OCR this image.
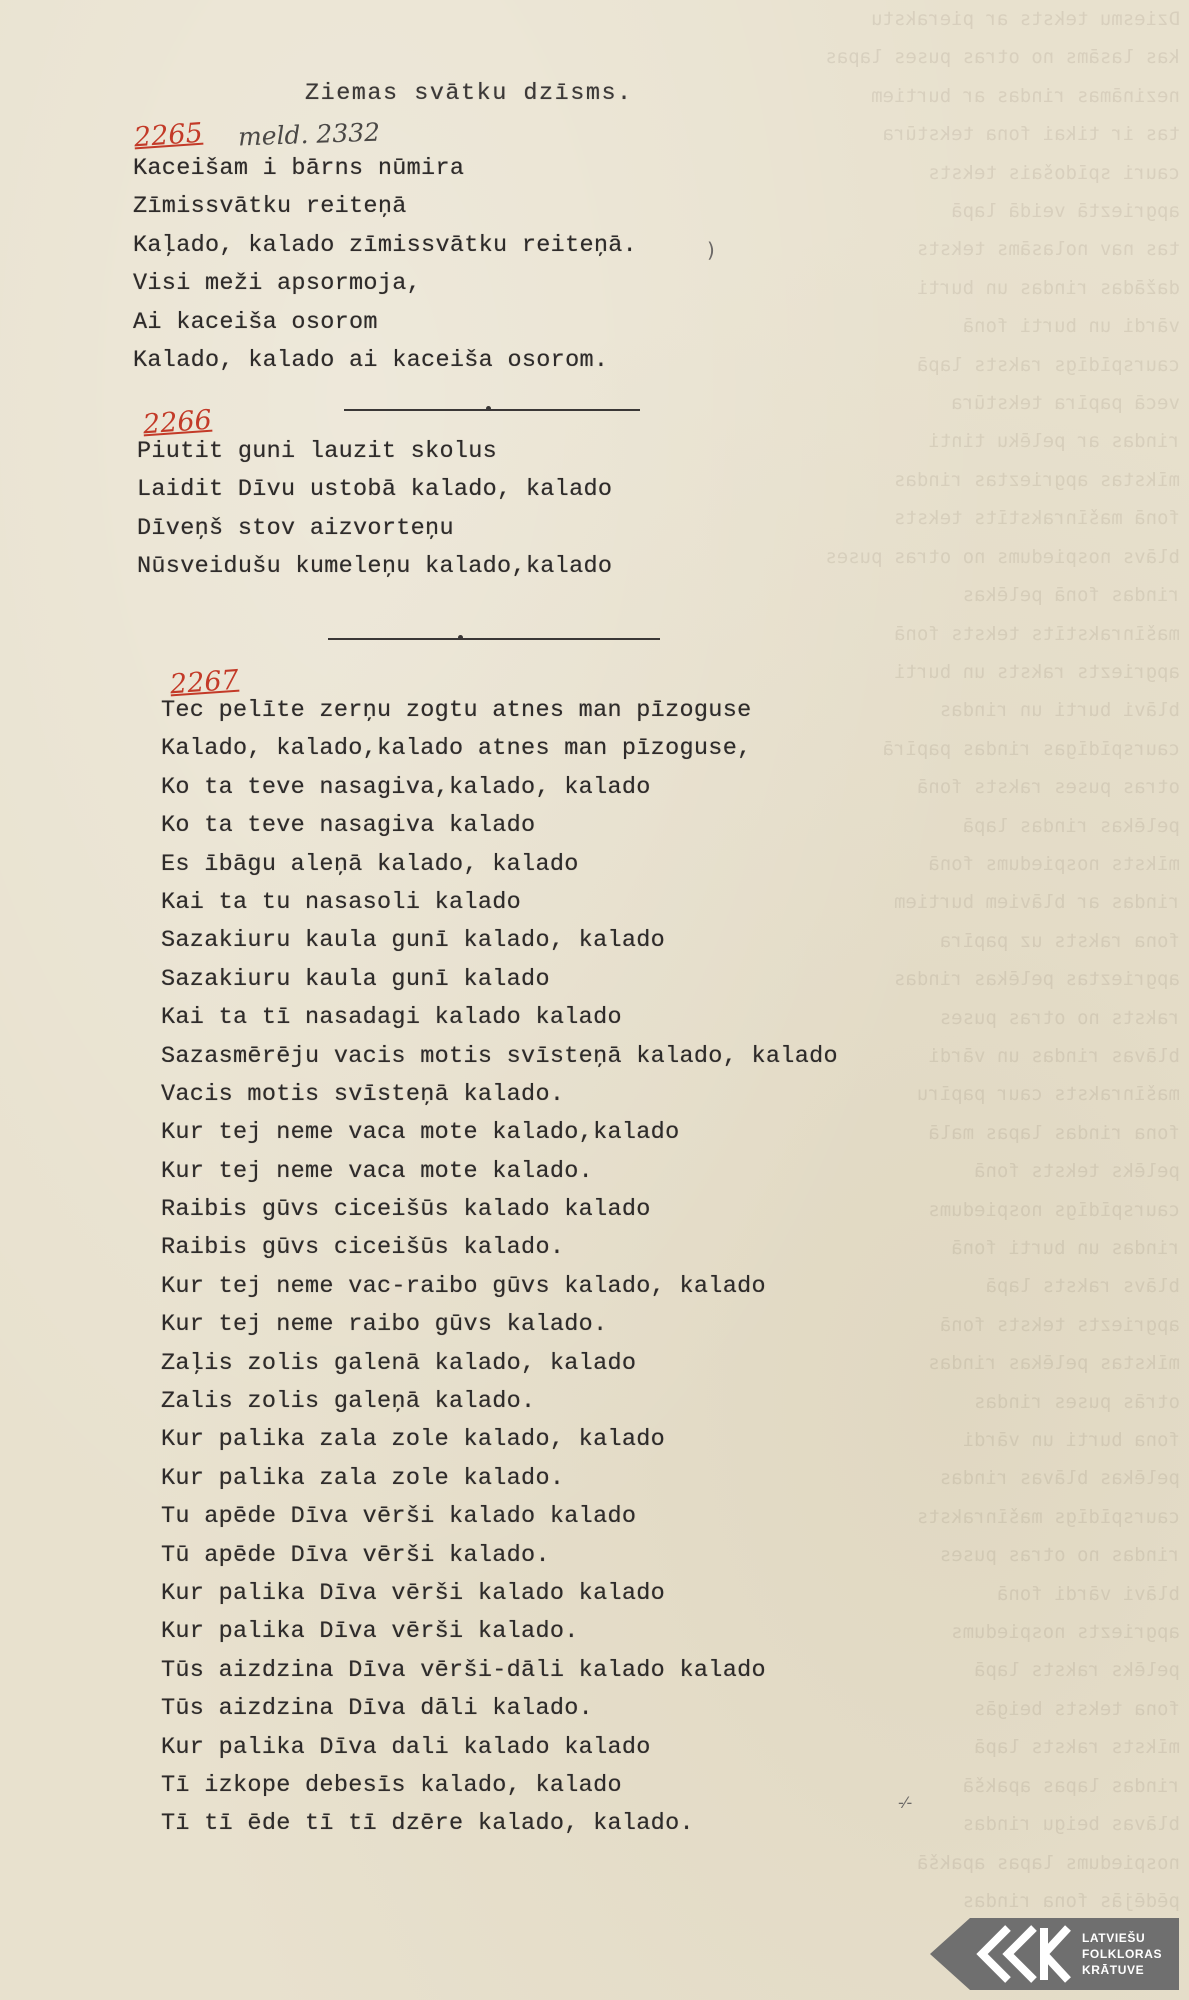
Dziesmu teksts ar pierakstu
kas lasāms no otras puses lapas
nezināmas rindas ar burtiem
tas ir tikai fona tekstūra
cauri spīdošais teksts
apgrieztā veidā lapā
tas nav nolasāms teksts
dažādas rindas un burti
vārdi un burti fonā
caurspīdīgs raksts lapā
vecā papīra tekstūra
rindas ar pelēku tinti
mīkstas apgrieztas rindas
fonā mašīnrakstīts teksts
blāvs nospiedums no otras puses
rindas fonā pelēkas
mašīnrakstīts teksts fonā
apgriezts raksts un burti
blāvi burti un rindas
caurspīdīgas rindas papīrā
otras puses raksts fonā
pelēkas rindas lapā
mīksts nospiedums fonā
rindas ar blāviem burtiem
fona raksts uz papīra
apgrieztas pelēkas rindas
raksts no otras puses
blāvas rindas un vārdi
mašīnraksts caur papīru
fona rindas lapas malā
pelēks teksts fonā
caurspīdīgs nospiedums
rindas un burti fonā
blāvs raksts lapā
apgriezts teksts fonā
mīkstas pelēkas rindas
otrās puses rindas
fona burti un vārdi
pelēkas blāvas rindas
caurspīdīgs mašīnraksts
rindas no otras puses
blāvi vārdi fonā
apgriezts nospiedums
pelēks raksts lapā
fona teksts beigās
mīksts raksts lapā
rindas lapas apakšā
blāvas beigu rindas
nospiedums lapas apakšā
pēdējās fona rindas
Ziemas svātku dzīsms.
2265 meld. 2332
Kaceišam i bārns nūmira
Zīmissvātku reiteņā
Kaļado, kalado zīmissvātku reiteņā.
Visi meži apsormoja,
Ai kaceiša osorom
Kalado, kalado ai kaceiša osorom.
)
2266
Piutit guni lauzit skolus
Laidit Dīvu ustobā kalado, kalado
Dīveņš stov aizvorteņu
Nūsveidušu kumeleņu kalado,kalado
2267
Tec pelīte zerņu zogtu atnes man pīzoguse
Kalado, kalado,kalado atnes man pīzoguse,
Ko ta teve nasagiva,kalado, kalado
Ko ta teve nasagiva kalado
Es ībāgu aleņā kalado, kalado
Kai ta tu nasasoli kalado
Sazakiuru kaula gunī kalado, kalado
Sazakiuru kaula gunī kalado
Kai ta tī nasadagi kalado kalado
Sazasmērēju vacis motis svīsteņā kalado, kalado
Vacis motis svīsteņā kalado.
Kur tej neme vaca mote kalado,kalado
Kur tej neme vaca mote kalado.
Raibis gūvs ciceišūs kalado kalado
Raibis gūvs ciceišūs kalado.
Kur tej neme vac-raibo gūvs kalado, kalado
Kur tej neme raibo gūvs kalado.
Zaļis zolis galenā kalado, kalado
Zalis zolis galeņā kalado.
Kur palika zala zole kalado, kalado
Kur palika zala zole kalado.
Tu apēde Dīva vērši kalado kalado
Tū apēde Dīva vērši kalado.
Kur palika Dīva vērši kalado kalado
Kur palika Dīva vērši kalado.
Tūs aizdzina Dīva vērši-dāli kalado kalado
Tūs aizdzina Dīva dāli kalado.
Kur palika Dīva dali kalado kalado
Tī izkope debesīs kalado, kalado
Tī tī ēde tī tī dzēre kalado, kalado.
-⁄-
LATVIEŠU
FOLKLORAS
KRĀTUVE
